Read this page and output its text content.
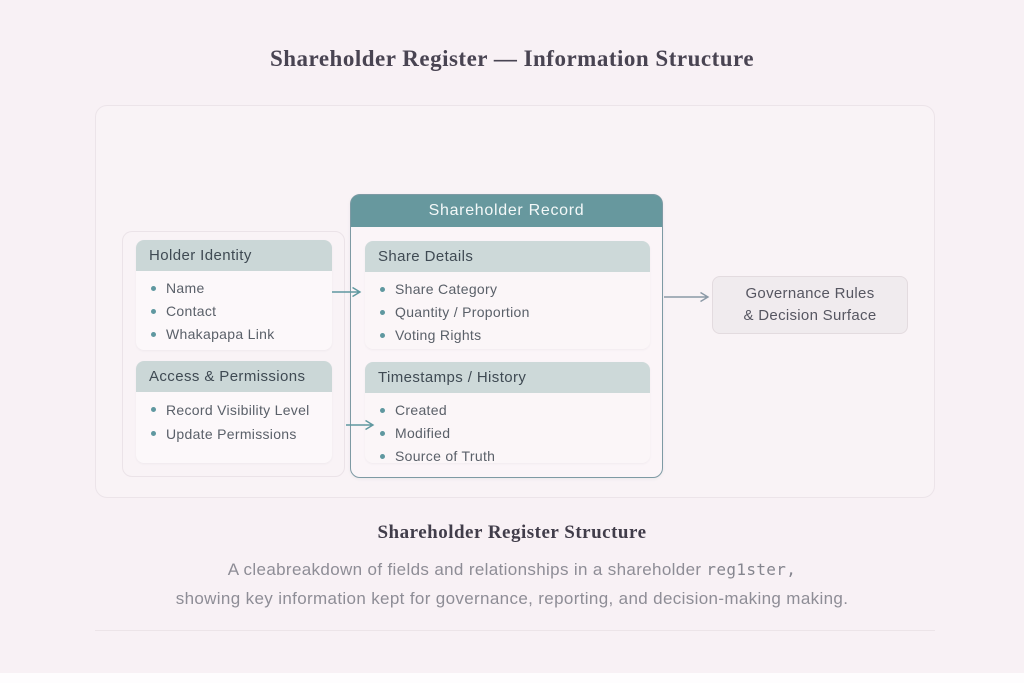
Shareholder Register — Information Structure
Holder Identity
Name
Contact
Whakapapa Link
Access & Permissions
Record Visibility Level
Update Permissions
Shareholder Record
Share Details
Share Category
Quantity / Proportion
Voting Rights
Timestamps / History
Created
Modified
Source of Truth
Governance Rules
& Decision Surface
Shareholder Register Structure
A cleabreakdown of fields and relationships in a shareholder reg1ster,
showing key information kept for governance, reporting, and decision-making making.
